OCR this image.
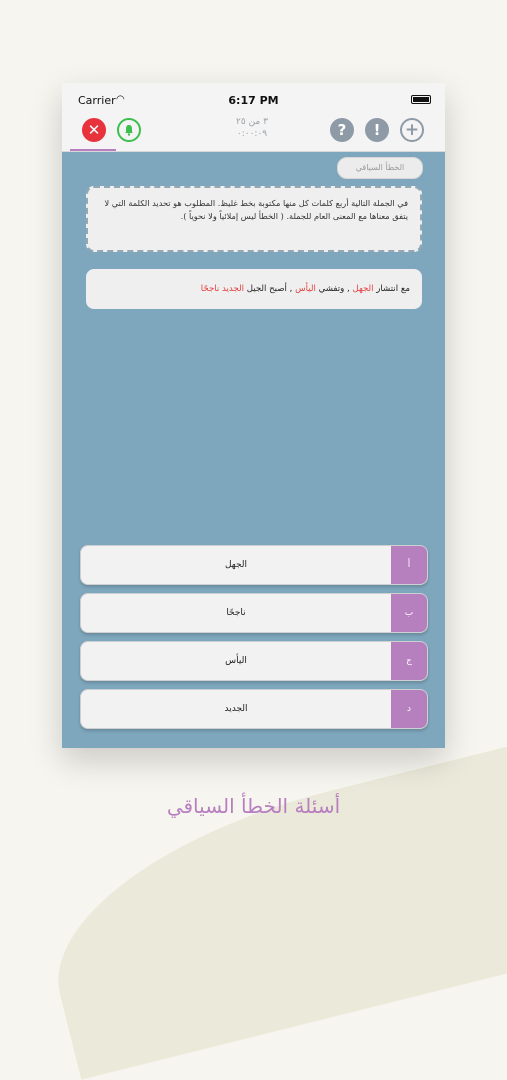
Carrier ◠	6:17 PM
✕	٣ من ٢٥
٠:٠٠:٠٩	? ! +
الخطأ السياقي
في الجملة التالية أربع كلمات كل منها مكتوبة بخط غليظ. المطلوب هو تحديد الكلمة التي لا يتفق معناها مع المعنى العام للجملة. ( الخطأ ليس إملائياً ولا نحوياً ).
مع انتشار الجهل , وتفشي اليأس , أصبح الجيل الجديد ناجحًا
الجهل	أ
ناجحًا	ب
اليأس	ج
الجديد	د
أسئلة الخطأ السياقي
